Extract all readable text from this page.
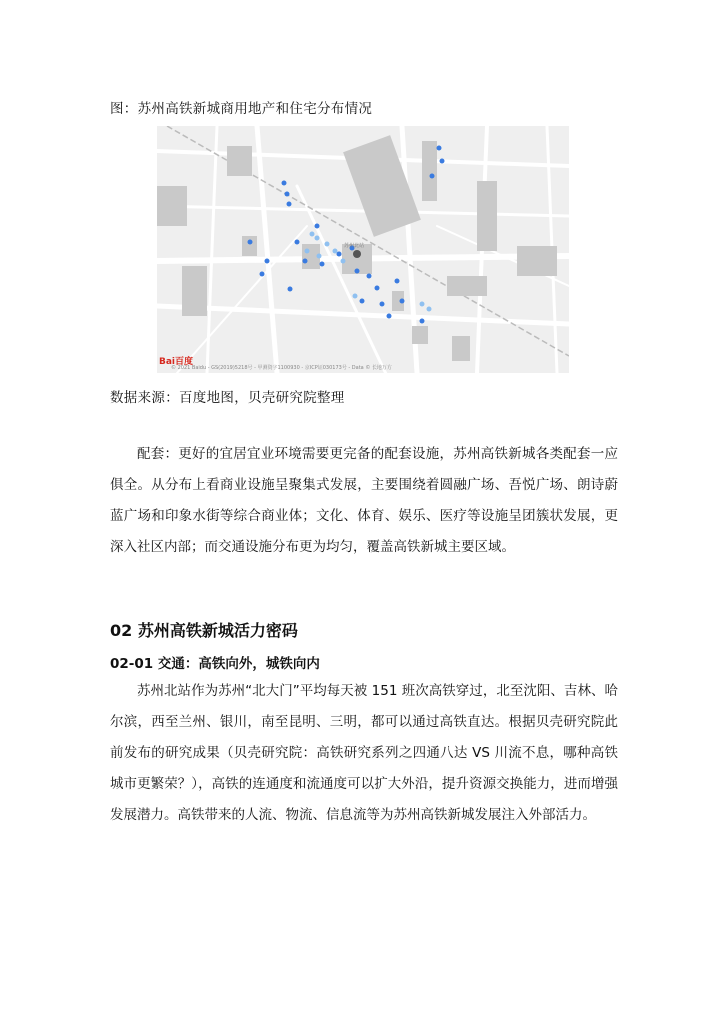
图：苏州高铁新城商用地产和住宅分布情况
苏州北站
Bai百度
© 2021 Baidu - GS(2019)5218号 - 甲测资字1100930 - 京ICP证030173号 - Data © 长地万方
数据来源：百度地图，贝壳研究院整理

配套：更好的宜居宜业环境需要更完备的配套设施，苏州高铁新城各类配套一应俱全。从分布上看商业设施呈聚集式发展，主要围绕着圆融广场、吾悦广场、朗诗蔚蓝广场和印象水街等综合商业体；文化、体育、娱乐、医疗等设施呈团簇状发展，更深入社区内部；而交通设施分布更为均匀，覆盖高铁新城主要区域。

02 苏州高铁新城活力密码
02-01 交通：高铁向外，城铁向内

苏州北站作为苏州“北大门”平均每天被 151 班次高铁穿过，北至沈阳、吉林、哈尔滨，西至兰州、银川，南至昆明、三明，都可以通过高铁直达。根据贝壳研究院此前发布的研究成果（贝壳研究院：高铁研究系列之四通八达 VS 川流不息，哪种高铁城市更繁荣？），高铁的连通度和流通度可以扩大外沿，提升资源交换能力，进而增强发展潜力。高铁带来的人流、物流、信息流等为苏州高铁新城发展注入外部活力。
